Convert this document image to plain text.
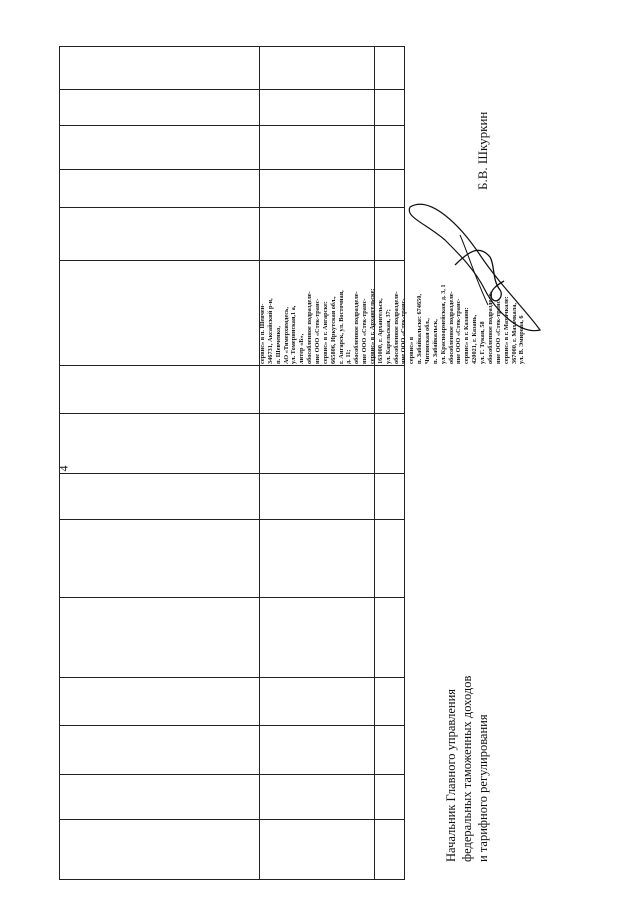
4
сервис» в п. Шевчен- 346731, Аксайский р-н, п. Шевченко, АО «Тимерхимдесь, ул. Томеринская,1 а, литер «Б», обособленное подразделе- ние ООО «Стек-транс- сервис» в г. Ангарске: 665806, Иркутская обл., г. Ангарск, ул. Восточная, д. 11; обособленное подразделе- ние ООО «Стек-транс- сервис» в г. Архангельске: 163000, г. Архангельск, ул. Карельская, 37; обособленное подразделе- ние ООО «Стек-транс- сервис» в п. Забайкальске: 674650, Читинская обл., п. Забайкальск, ул. Красноармейская, д. 3, 1 обособленное подразделе- ние ООО «Стек-транс- сервис» в г. Казани: 420021, г. Казань, ул. Г. Тукая, 58 обособленное подразделе- ние ООО «Стек-транс- сервис» в г. Махачкале: 367000, г. Махачкала, ул. В. Эмирова, 6
Начальник Главного управления федеральных таможенных доходов и тарифного регулирования
Б.В. Шкуркин
